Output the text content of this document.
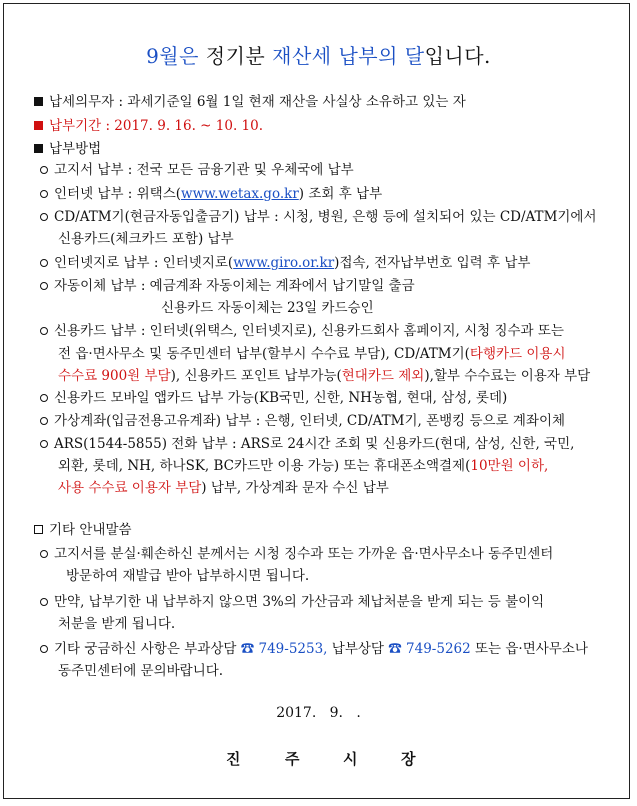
9월은 정기분 재산세 납부의 달입니다.
납세의무자 : 과세기준일 6월 1일 현재 재산을 사실상 소유하고 있는 자
납부기간 : 2017. 9. 16. ~ 10. 10.
납부방법
고지서 납부 : 전국 모든 금융기관 및 우체국에 납부
인터넷 납부 : 위택스(www.wetax.go.kr) 조회 후 납부
CD/ATM기(현금자동입출금기) 납부 : 시청, 병원, 은행 등에 설치되어 있는 CD/ATM기에서
신용카드(체크카드 포함) 납부
인터넷지로 납부 : 인터넷지로(www.giro.or.kr)접속, 전자납부번호 입력 후 납부
자동이체 납부 : 예금계좌 자동이체는 계좌에서 납기말일 출금
신용카드 자동이체는 23일 카드승인
신용카드 납부 : 인터넷(위택스, 인터넷지로), 신용카드회사 홈페이지, 시청 징수과 또는
전 읍·면사무소 및 동주민센터 납부(할부시 수수료 부담), CD/ATM기(타행카드 이용시
수수료 900원 부담), 신용카드 포인트 납부가능(현대카드 제외),할부 수수료는 이용자 부담
신용카드 모바일 앱카드 납부 가능(KB국민, 신한, NH농협, 현대, 삼성, 롯데)
가상계좌(입금전용고유계좌) 납부 : 은행, 인터넷, CD/ATM기, 폰뱅킹 등으로 계좌이체
ARS(1544-5855) 전화 납부 : ARS로 24시간 조회 및 신용카드(현대, 삼성, 신한, 국민,
외환, 롯데, NH, 하나SK, BC카드만 이용 가능) 또는 휴대폰소액결제(10만원 이하,
사용 수수료 이용자 부담) 납부, 가상계좌 문자 수신 납부
기타 안내말씀
고지서를 분실·훼손하신 분께서는 시청 징수과 또는 가까운 읍·면사무소나 동주민센터
방문하여 재발급 받아 납부하시면 됩니다.
만약, 납부기한 내 납부하지 않으면 3%의 가산금과 체납처분을 받게 되는 등 불이익
처분을 받게 됩니다.
기타 궁금하신 사항은 부과상담 ☎ 749-5253, 납부상담 ☎ 749-5262 또는 읍·면사무소나
동주민센터에 문의바랍니다.
2017.   9.   .
진	주	시	장
